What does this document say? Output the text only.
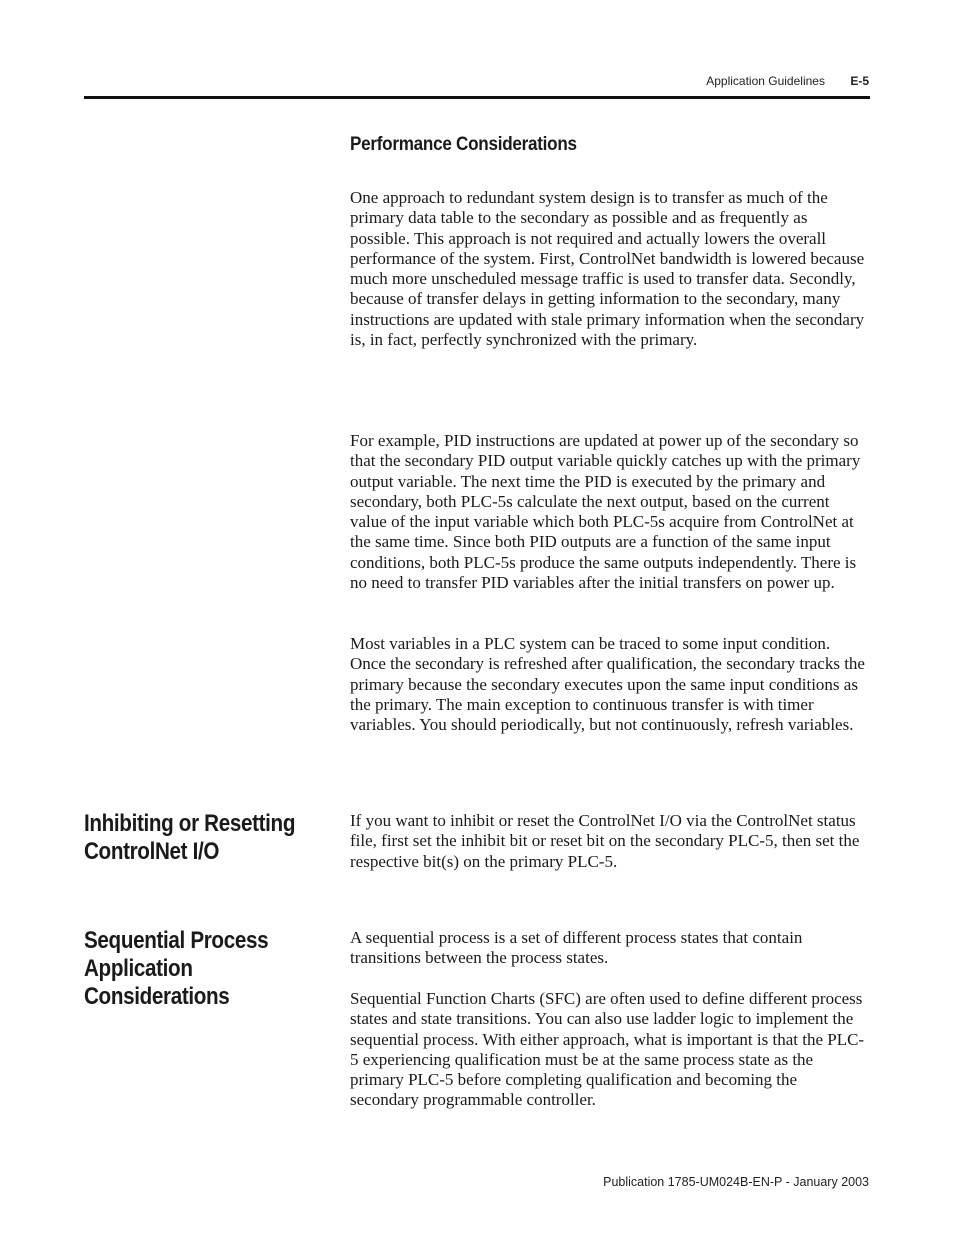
Application Guidelines E-5
Performance Considerations

One approach to redundant system design is to transfer as much of the primary data table to the secondary as possible and as frequently as possible. This approach is not required and actually lowers the overall performance of the system. First, ControlNet bandwidth is lowered because much more unscheduled message traffic is used to transfer data. Secondly, because of transfer delays in getting information to the secondary, many instructions are updated with stale primary information when the secondary is, in fact, perfectly synchronized with the primary.

For example, PID instructions are updated at power up of the secondary so that the secondary PID output variable quickly catches up with the primary output variable. The next time the PID is executed by the primary and secondary, both PLC-5s calculate the next output, based on the current value of the input variable which both PLC-5s acquire from ControlNet at the same time. Since both PID outputs are a function of the same input conditions, both PLC-5s produce the same outputs independently. There is no need to transfer PID variables after the initial transfers on power up.

Most variables in a PLC system can be traced to some input condition. Once the secondary is refreshed after qualification, the secondary tracks the primary because the secondary executes upon the same input conditions as the primary. The main exception to continuous transfer is with timer variables. You should periodically, but not continuously, refresh variables.

Inhibiting or Resetting
ControlNet I/O

If you want to inhibit or reset the ControlNet I/O via the ControlNet status file, first set the inhibit bit or reset bit on the secondary PLC-5, then set the respective bit(s) on the primary PLC-5.

Sequential Process
Application Considerations

A sequential process is a set of different process states that contain transitions between the process states.

Sequential Function Charts (SFC) are often used to define different process states and state transitions. You can also use ladder logic to implement the sequential process. With either approach, what is important is that the PLC-5 experiencing qualification must be at the same process state as the primary PLC-5 before completing qualification and becoming the secondary programmable controller.

Publication 1785-UM024B-EN-P - January 2003
